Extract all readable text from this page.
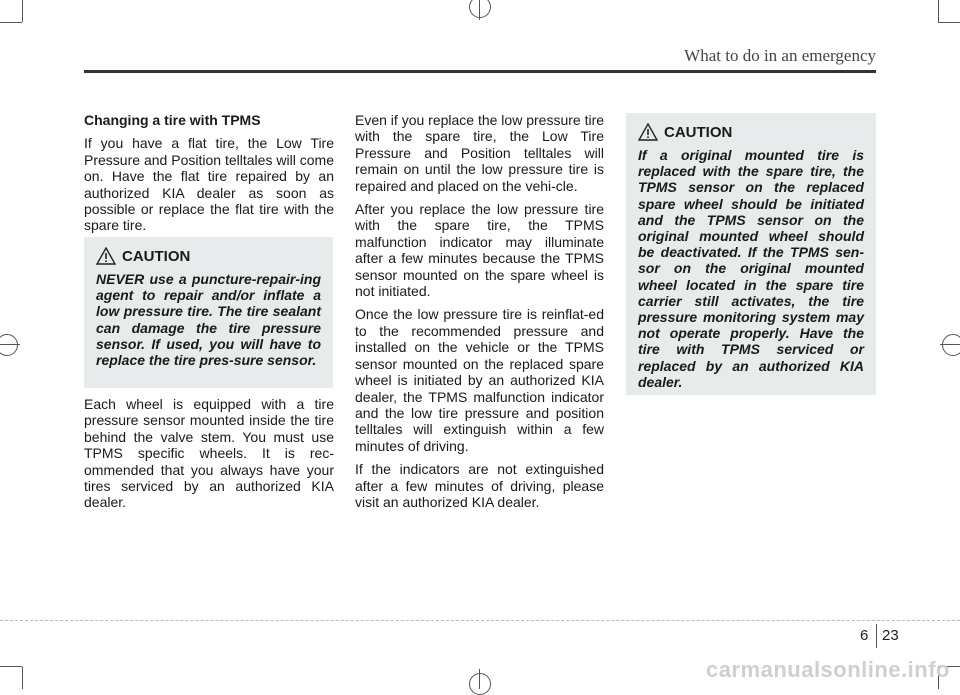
What to do in an emergency

Changing a tire with TPMS

If you have a flat tire, the Low Tire Pressure and Position telltales will come on. Have the flat tire repaired by an authorized KIA dealer as soon as possible or replace the flat tire with the spare tire.

CAUTION
NEVER use a puncture-repair-ing agent to repair and/or inflate a low pressure tire. The tire sealant can damage the tire pressure sensor. If used, you will have to replace the tire pres-sure sensor.

Each wheel is equipped with a tire pressure sensor mounted inside the tire behind the valve stem. You must use TPMS specific wheels. It is rec-ommended that you always have your tires serviced by an authorized KIA dealer.

Even if you replace the low pressure tire with the spare tire, the Low Tire Pressure and Position telltales will remain on until the low pressure tire is repaired and placed on the vehi-cle.

After you replace the low pressure tire with the spare tire, the TPMS malfunction indicator may illuminate after a few minutes because the TPMS sensor mounted on the spare wheel is not initiated.

Once the low pressure tire is reinflat-ed to the recommended pressure and installed on the vehicle or the TPMS sensor mounted on the replaced spare wheel is initiated by an authorized KIA dealer, the TPMS malfunction indicator and the low tire pressure and position telltales will extinguish within a few minutes of driving.

If the indicators are not extinguished after a few minutes of driving, please visit an authorized KIA dealer.

CAUTION
If a original mounted tire is replaced with the spare tire, the TPMS sensor on the replaced spare wheel should be initiated and the TPMS sensor on the original mounted wheel should be deactivated. If the TPMS sen-sor on the original mounted wheel located in the spare tire carrier still activates, the tire pressure monitoring system may not operate properly. Have the tire with TPMS serviced or replaced by an authorized KIA dealer.
6 23
carmanualsonline.info
